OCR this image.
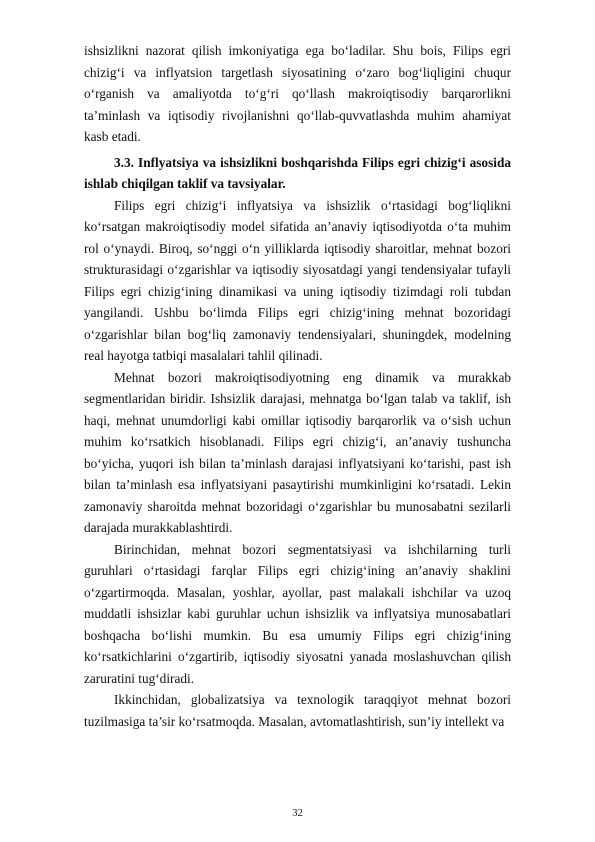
ishsizlikni nazorat qilish imkoniyatiga ega bo‘ladilar. Shu bois, Filips egri chizig‘i va inflyatsion targetlash siyosatining o‘zaro bog‘liqligini chuqur o‘rganish va amaliyotda to‘g‘ri qo‘llash makroiqtisodiy barqarorlikni ta’minlash va iqtisodiy rivojlanishni qo‘llab-quvvatlashda muhim ahamiyat kasb etadi.

3.3. Inflyatsiya va ishsizlikni boshqarishda Filips egri chizig‘i asosida ishlab chiqilgan taklif va tavsiyalar.

Filips egri chizig‘i inflyatsiya va ishsizlik o‘rtasidagi bog‘liqlikni ko‘rsatgan makroiqtisodiy model sifatida an’anaviy iqtisodiyotda o‘ta muhim rol o‘ynaydi. Biroq, so‘nggi o‘n yilliklarda iqtisodiy sharoitlar, mehnat bozori strukturasidagi o‘zgarishlar va iqtisodiy siyosatdagi yangi tendensiyalar tufayli Filips egri chizig‘ining dinamikasi va uning iqtisodiy tizimdagi roli tubdan yangilandi. Ushbu bo‘limda Filips egri chizig‘ining mehnat bozoridagi o‘zgarishlar bilan bog‘liq zamonaviy tendensiyalari, shuningdek, modelning real hayotga tatbiqi masalalari tahlil qilinadi.

Mehnat bozori makroiqtisodiyotning eng dinamik va murakkab segmentlaridan biridir. Ishsizlik darajasi, mehnatga bo‘lgan talab va taklif, ish haqi, mehnat unumdorligi kabi omillar iqtisodiy barqarorlik va o‘sish uchun muhim ko‘rsatkich hisoblanadi. Filips egri chizig‘i, an’anaviy tushuncha bo‘yicha, yuqori ish bilan ta’minlash darajasi inflyatsiyani ko‘tarishi, past ish bilan ta’minlash esa inflyatsiyani pasaytirishi mumkinligini ko‘rsatadi. Lekin zamonaviy sharoitda mehnat bozoridagi o‘zgarishlar bu munosabatni sezilarli darajada murakkablashtirdi.

Birinchidan, mehnat bozori segmentatsiyasi va ishchilarning turli guruhlari o‘rtasidagi farqlar Filips egri chizig‘ining an’anaviy shaklini o‘zgartirmoqda. Masalan, yoshlar, ayollar, past malakali ishchilar va uzoq muddatli ishsizlar kabi guruhlar uchun ishsizlik va inflyatsiya munosabatlari boshqacha bo‘lishi mumkin. Bu esa umumiy Filips egri chizig‘ining ko‘rsatkichlarini o‘zgartirib, iqtisodiy siyosatni yanada moslashuvchan qilish zaruratini tug‘diradi.

Ikkinchidan, globalizatsiya va texnologik taraqqiyot mehnat bozori tuzilmasiga ta’sir ko‘rsatmoqda. Masalan, avtomatlashtirish, sun’iy intellekt va

32
